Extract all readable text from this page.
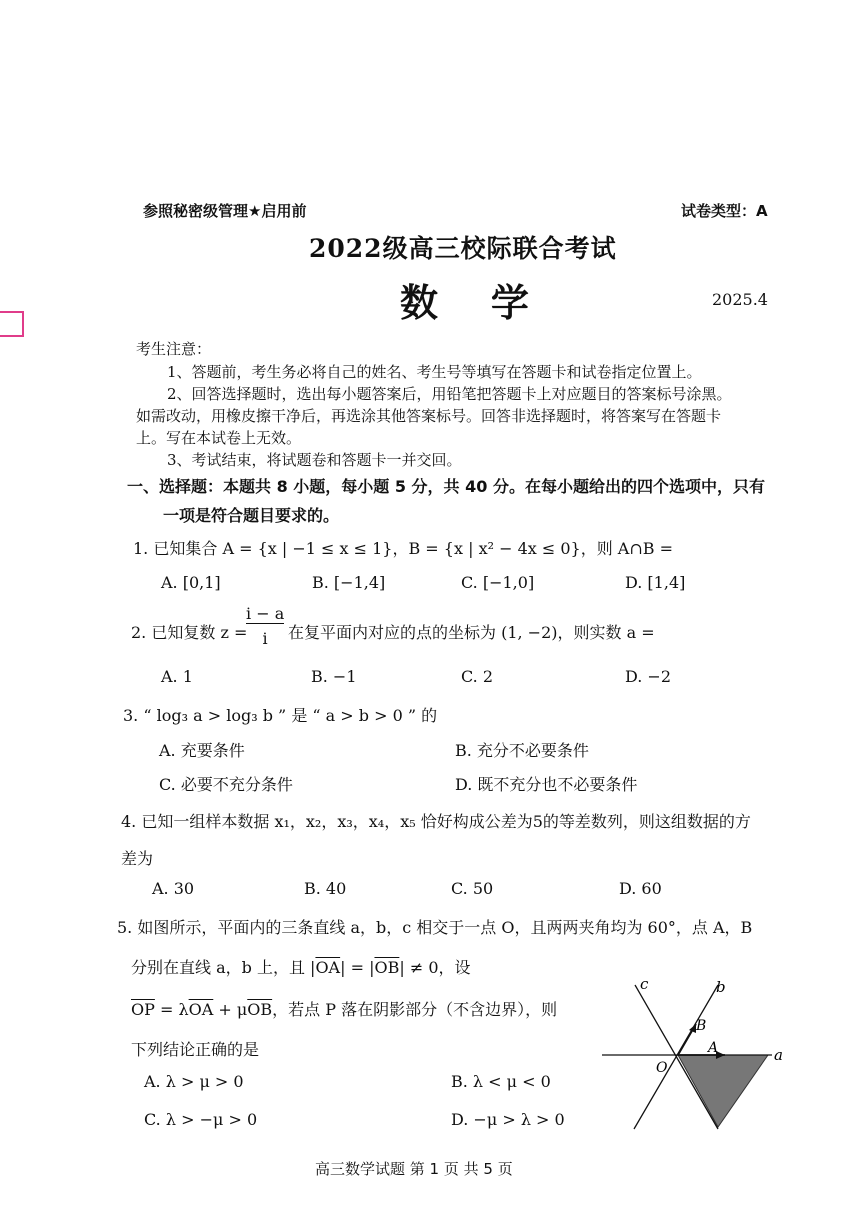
参照秘密级管理★启用前	试卷类型：A
2022级高三校际联合考试
数    学	2025.4
考生注意：
1、答题前，考生务必将自己的姓名、考生号等填写在答题卡和试卷指定位置上。
2、回答选择题时，选出每小题答案后，用铅笔把答题卡上对应题目的答案标号涂黑。
如需改动，用橡皮擦干净后，再选涂其他答案标号。回答非选择题时，将答案写在答题卡
上。写在本试卷上无效。
3、考试结束，将试题卷和答题卡一并交回。
一、选择题：本题共 8 小题，每小题 5 分，共 40 分。在每小题给出的四个选项中，只有
一项是符合题目要求的。
1. 已知集合 A = {x | −1 ≤ x ≤ 1}，B = {x | x² − 4x ≤ 0}，则 A∩B =
A. [0,1]	B. [−1,4]	C. [−1,0]	D. [1,4]
2. 已知复数 z =
i − a
i	在复平面内对应的点的坐标为 (1, −2)，则实数 a =
A. 1	B. −1	C. 2	D. −2
3. “ log₃ a > log₃ b ” 是 “ a > b > 0 ” 的
A. 充要条件	B. 充分不必要条件
C. 必要不充分条件	D. 既不充分也不必要条件
4. 已知一组样本数据 x₁，x₂，x₃，x₄，x₅ 恰好构成公差为5的等差数列，则这组数据的方
差为
A. 30	B. 40	C. 50	D. 60
5. 如图所示，平面内的三条直线 a，b，c 相交于一点 O，且两两夹角均为 60°，点 A，B
分别在直线 a，b 上，且 $|\overline{OA}| = |\overline{OB}| \ne 0$，设
$\overline{OP} = \lambda\overline{OA} + \mu\overline{OB}$，若点 P 落在阴影部分（不含边界），则
下列结论正确的是
A. λ > μ > 0	B. λ < μ < 0
C. λ > −μ > 0	D. −μ > λ > 0
c	b
B
A
O
a
高三数学试题 第 1 页 共 5 页
